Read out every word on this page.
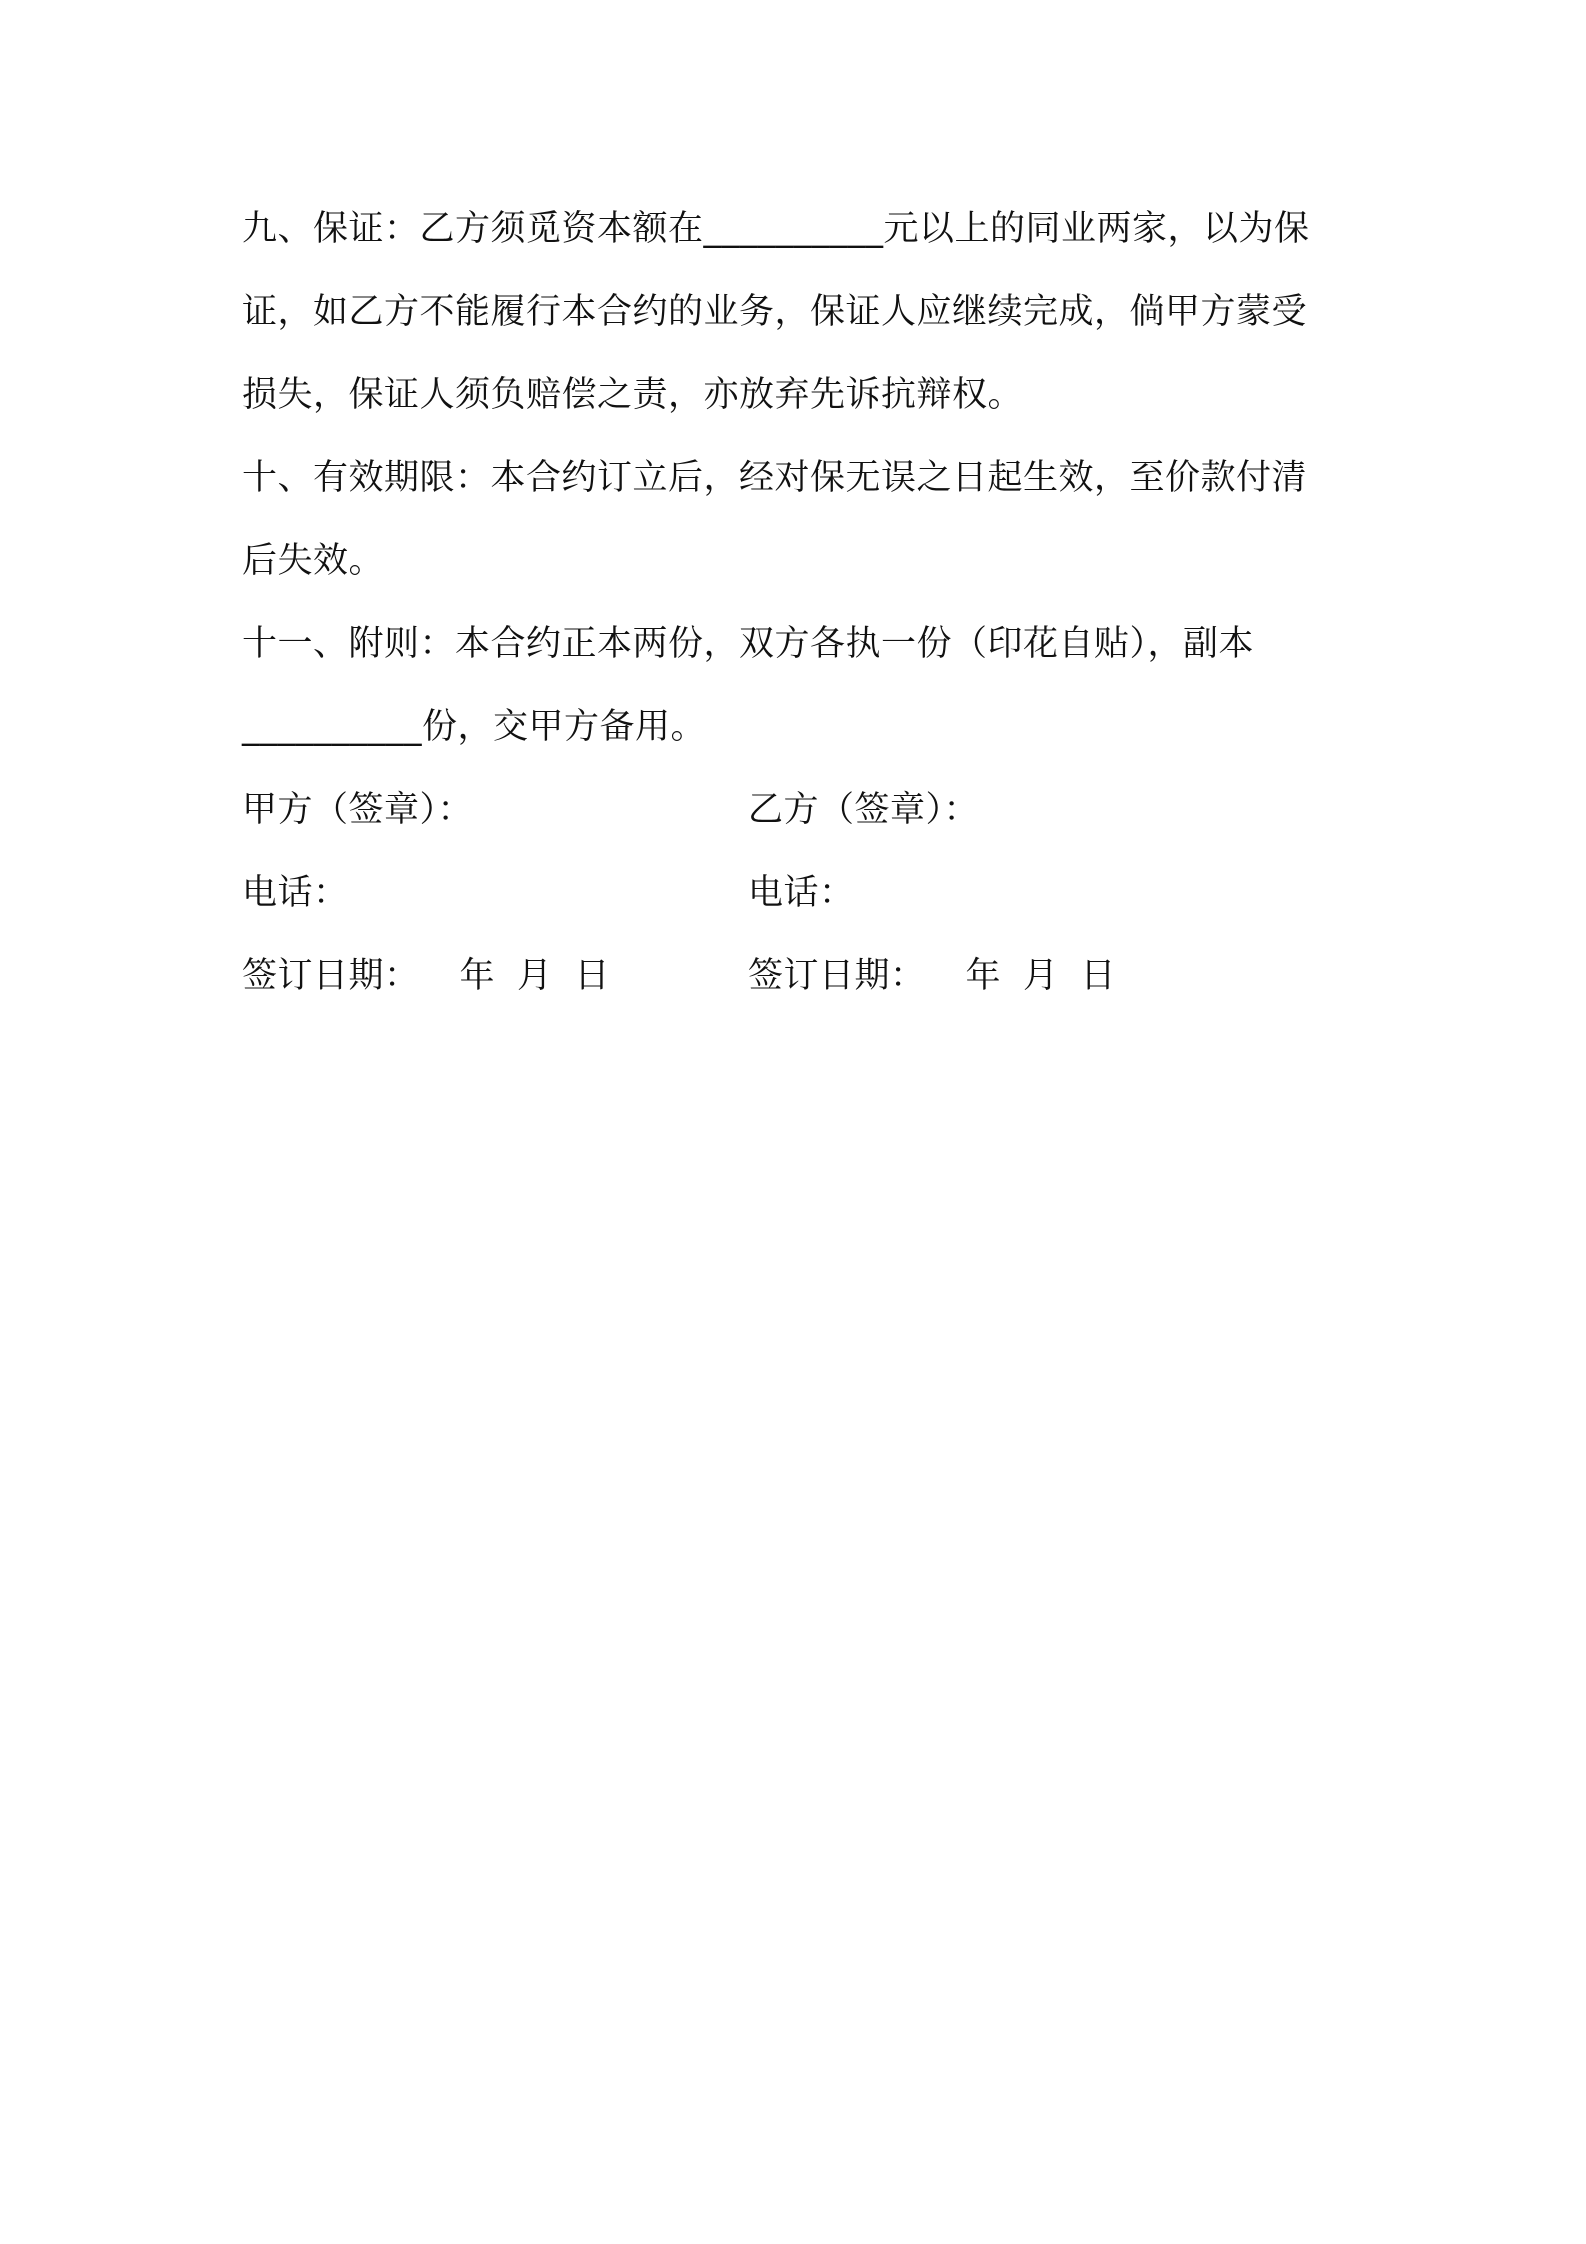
九、保证：乙方须觅资本额在__________元以上的同业两家，以为保
证，如乙方不能履行本合约的业务，保证人应继续完成，倘甲方蒙受
损失，保证人须负赔偿之责，亦放弃先诉抗辩权。
十、有效期限：本合约订立后，经对保无误之日起生效，至价款付清
后失效。
十一、附则：本合约正本两份，双方各执一份（印花自贴），副本
__________份，交甲方备用。
甲方（签章）：	乙方（签章）：
电话：	电话：
签订日期： 年 月 日	签订日期： 年 月 日
